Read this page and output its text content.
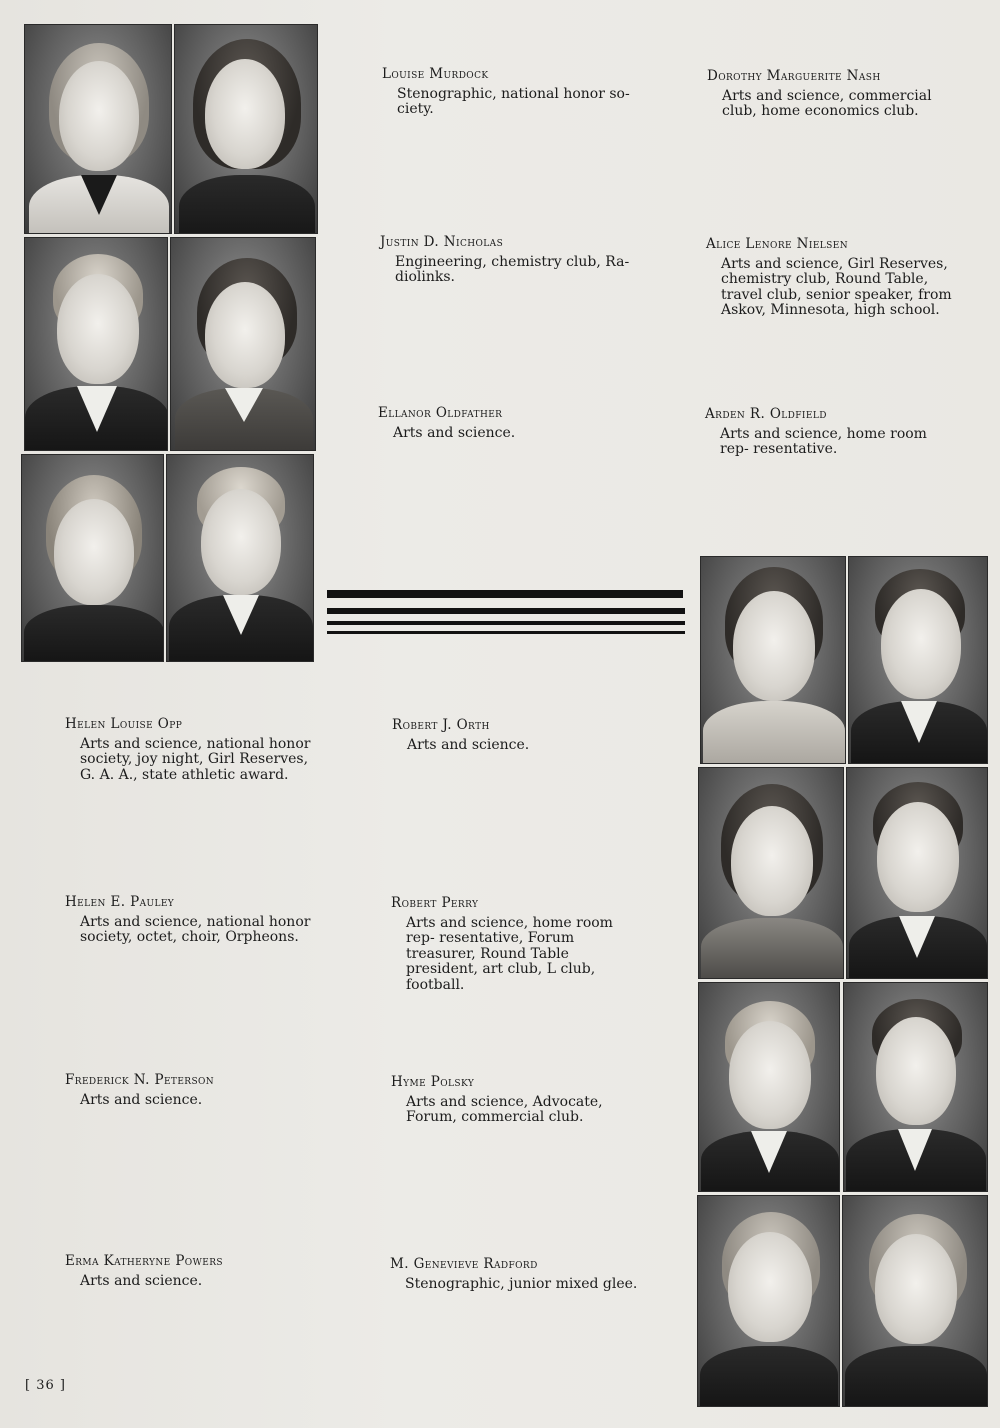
Louise Murdock
Stenographic, national honor so- ciety.
Dorothy Marguerite Nash
Arts and science, commercial club, home economics club.
Justin D. Nicholas
Engineering, chemistry club, Ra- diolinks.
Alice Lenore Nielsen
Arts and science, Girl Reserves, chemistry club, Round Table, travel club, senior speaker, from Askov, Minnesota, high school.
Ellanor Oldfather
Arts and science.
Arden R. Oldfield
Arts and science, home room rep- resentative.
Helen Louise Opp
Arts and science, national honor society, joy night, Girl Reserves, G. A. A., state athletic award.
Robert J. Orth
Arts and science.
Helen E. Pauley
Arts and science, national honor society, octet, choir, Orpheons.
Robert Perry
Arts and science, home room rep- resentative, Forum treasurer, Round Table president, art club, L club, football.
Frederick N. Peterson
Arts and science.
Hyme Polsky
Arts and science, Advocate, Forum, commercial club.
Erma Katheryne Powers
Arts and science.
M. Genevieve Radford
Stenographic, junior mixed glee.
[ 36 ]
